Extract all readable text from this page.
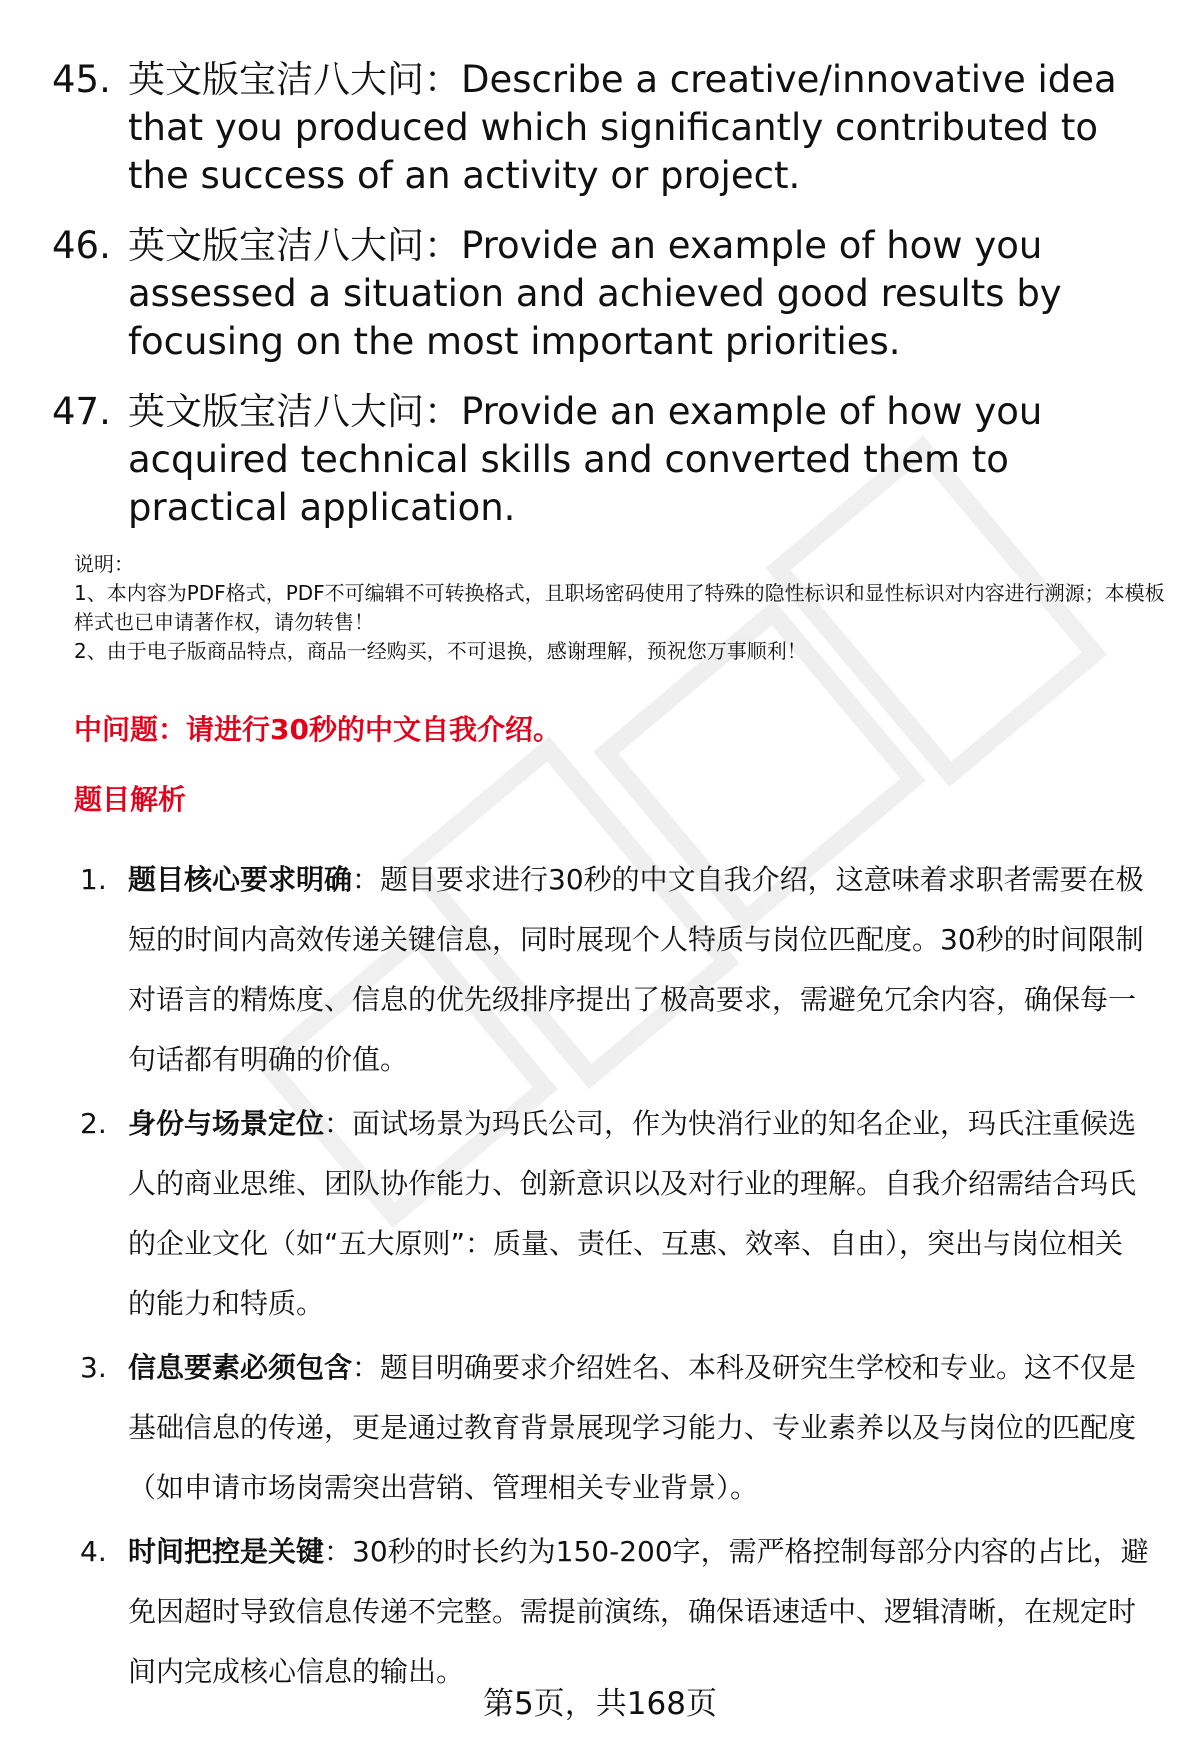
45. 英文版宝洁八大问：Describe a creative/innovative idea that you produced which significantly contributed to the success of an activity or project.
46. 英文版宝洁八大问：Provide an example of how you assessed a situation and achieved good results by focusing on the most important priorities.
47. 英文版宝洁八大问：Provide an example of how you acquired technical skills and converted them to practical application.
说明：
1、本内容为PDF格式，PDF不可编辑不可转换格式，且职场密码使用了特殊的隐性标识和显性标识对内容进行溯源；本模板样式也已申请著作权，请勿转售！
2、由于电子版商品特点，商品一经购买，不可退换，感谢理解，预祝您万事顺利！
中问题：请进行30秒的中文自我介绍。
题目解析
1. 题目核心要求明确：题目要求进行30秒的中文自我介绍，这意味着求职者需要在极短的时间内高效传递关键信息，同时展现个人特质与岗位匹配度。30秒的时间限制对语言的精炼度、信息的优先级排序提出了极高要求，需避免冗余内容，确保每一句话都有明确的价值。
2. 身份与场景定位：面试场景为玛氏公司，作为快消行业的知名企业，玛氏注重候选人的商业思维、团队协作能力、创新意识以及对行业的理解。自我介绍需结合玛氏的企业文化（如“五大原则”：质量、责任、互惠、效率、自由），突出与岗位相关的能力和特质。
3. 信息要素必须包含：题目明确要求介绍姓名、本科及研究生学校和专业。这不仅是基础信息的传递，更是通过教育背景展现学习能力、专业素养以及与岗位的匹配度（如申请市场岗需突出营销、管理相关专业背景）。
4. 时间把控是关键：30秒的时长约为150-200字，需严格控制每部分内容的占比，避免因超时导致信息传递不完整。需提前演练，确保语速适中、逻辑清晰，在规定时间内完成核心信息的输出。
第5页，共168页
